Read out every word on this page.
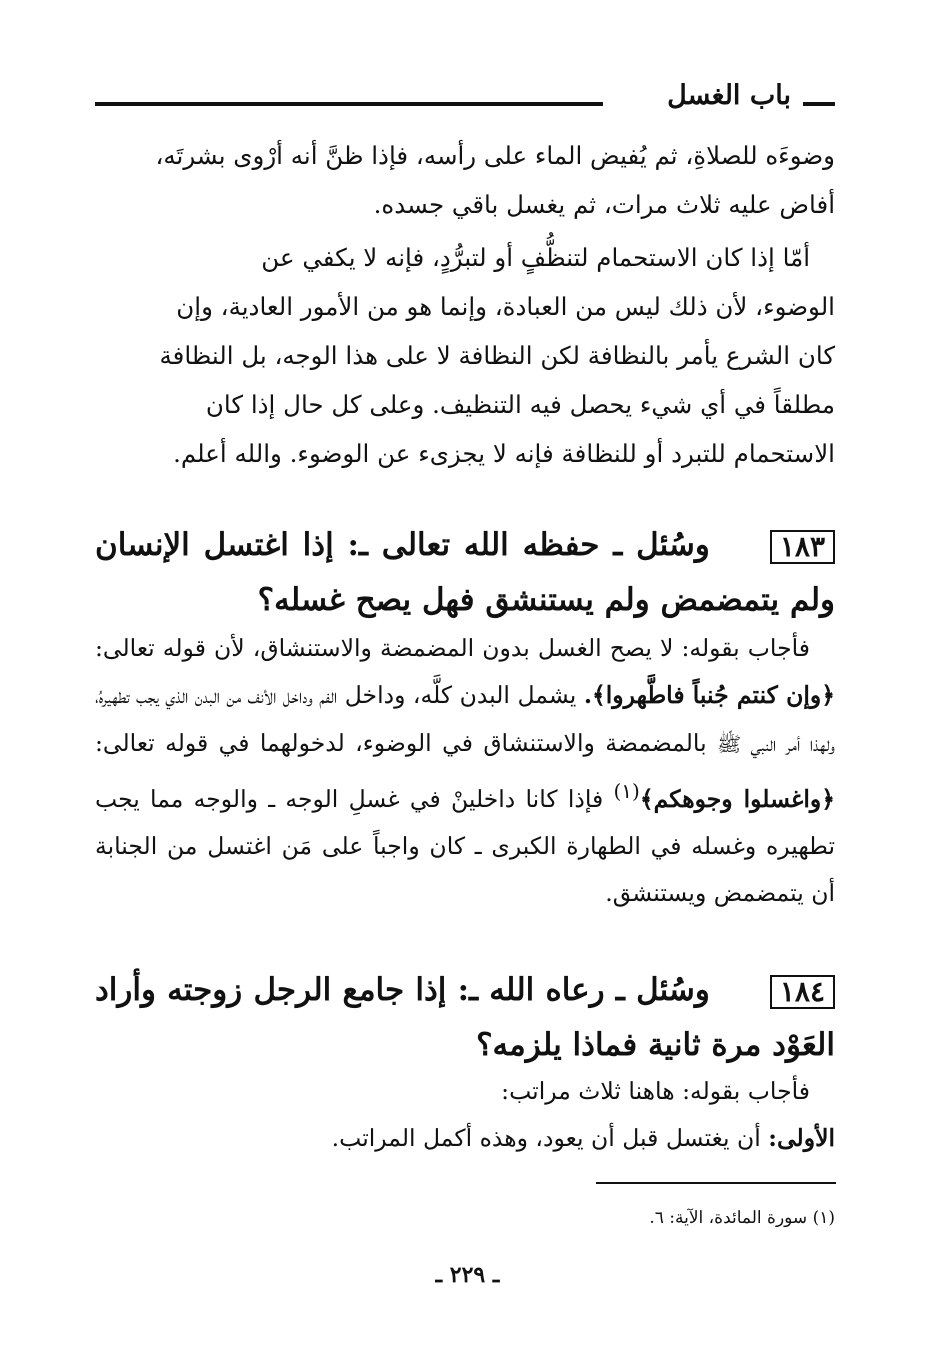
باب الغسل

وضوءَه للصلاةِ، ثم يُفيض الماء على رأسه، فإذا ظنَّ أنه أرْوى بشرتَه،

أفاض عليه ثلاث مرات، ثم يغسل باقي جسده.

أمّا إذا كان الاستحمام لتنظُّفٍ أو لتبرُّدٍ، فإنه لا يكفي عن

الوضوء، لأن ذلك ليس من العبادة، وإنما هو من الأمور العادية، وإن

كان الشرع يأمر بالنظافة لكن النظافة لا على هذا الوجه، بل النظافة

مطلقاً في أي شيء يحصل فيه التنظيف. وعلى كل حال إذا كان

الاستحمام للتبرد أو للنظافة فإنه لا يجزىء عن الوضوء. والله أعلم.

١٨٣وسُئل ـ حفظه الله تعالى ـ: إذا اغتسل الإنسان ولم يتمضمض ولم يستنشق فهل يصح غسله؟

فأجاب بقوله: لا يصح الغسل بدون المضمضة والاستنشاق، لأن قوله تعالى: ﴿وإن كنتم جُنباً فاطَّهروا﴾. يشمل البدن كلَّه، وداخل الفم وداخل الأنف من البدن الذي يجب تطهيرهُ، ولهذا أمر النبي ﷺ بالمضمضة والاستنشاق في الوضوء، لدخولهما في قوله تعالى: ﴿واغسلوا وجوهكم﴾$^{(١)}$ فإذا كانا داخلينْ في غسلِ الوجه ـ والوجه مما يجب تطهيره وغسله في الطهارة الكبرى ـ كان واجباً على مَن اغتسل من الجنابة أن يتمضمض ويستنشق.

١٨٤وسُئل ـ رعاه الله ـ: إذا جامع الرجل زوجته وأراد العَوْد مرة ثانية فماذا يلزمه؟

فأجاب بقوله: هاهنا ثلاث مراتب:

الأولى: أن يغتسل قبل أن يعود، وهذه أكمل المراتب.

(١) سورة المائدة، الآية: ٦.
ـ ٢٢٩ ـ
